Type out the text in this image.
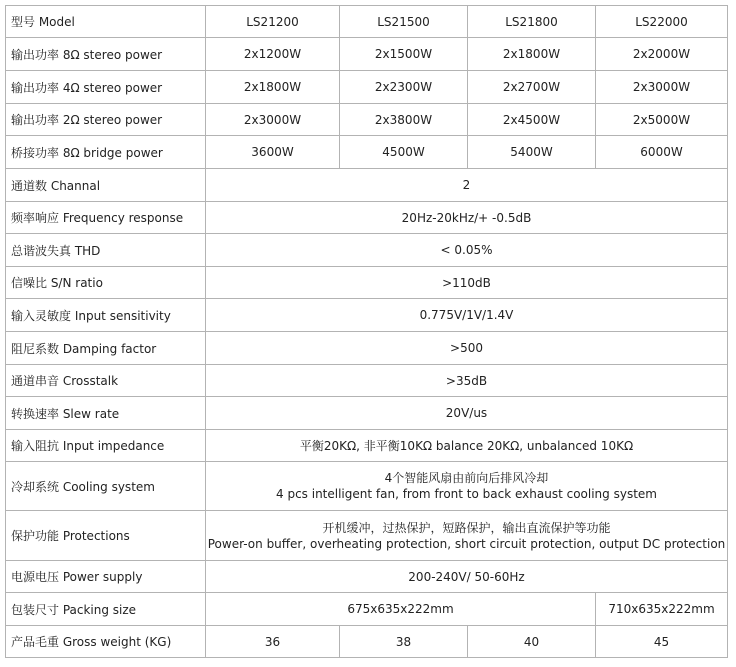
型号 Model	LS21200	LS21500	LS21800	LS22000
输出功率 8Ω stereo power	2x1200W	2x1500W	2x1800W	2x2000W
输出功率 4Ω stereo power	2x1800W	2x2300W	2x2700W	2x3000W
输出功率 2Ω stereo power	2x3000W	2x3800W	2x4500W	2x5000W
桥接功率 8Ω bridge power	3600W	4500W	5400W	6000W
通道数 Channal	2			
频率响应 Frequency response	20Hz-20kHz/+ -0.5dB			
总谐波失真 THD	< 0.05%			
信噪比 S/N ratio	>110dB			
输入灵敏度 Input sensitivity	0.775V/1V/1.4V			
阻尼系数 Damping factor	>500			
通道串音 Crosstalk	>35dB			
转换速率 Slew rate	20V/us			
输入阻抗 Input impedance	平衡20KΩ, 非平衡10KΩ balance 20KΩ, unbalanced 10KΩ			
冷却系统 Cooling system	4个智能风扇由前向后排风冷却
4 pcs intelligent fan, from front to back exhaust cooling system			

保护功能 Protections	开机缓冲，过热保护，短路保护，输出直流保护等功能
Power-on buffer, overheating protection, short circuit protection, output DC protection			

电源电压 Power supply	200-240V/ 50-60Hz			
包装尺寸 Packing size	675x635x222mm			710x635x222mm
产品毛重 Gross weight (KG)	36	38	40	45
